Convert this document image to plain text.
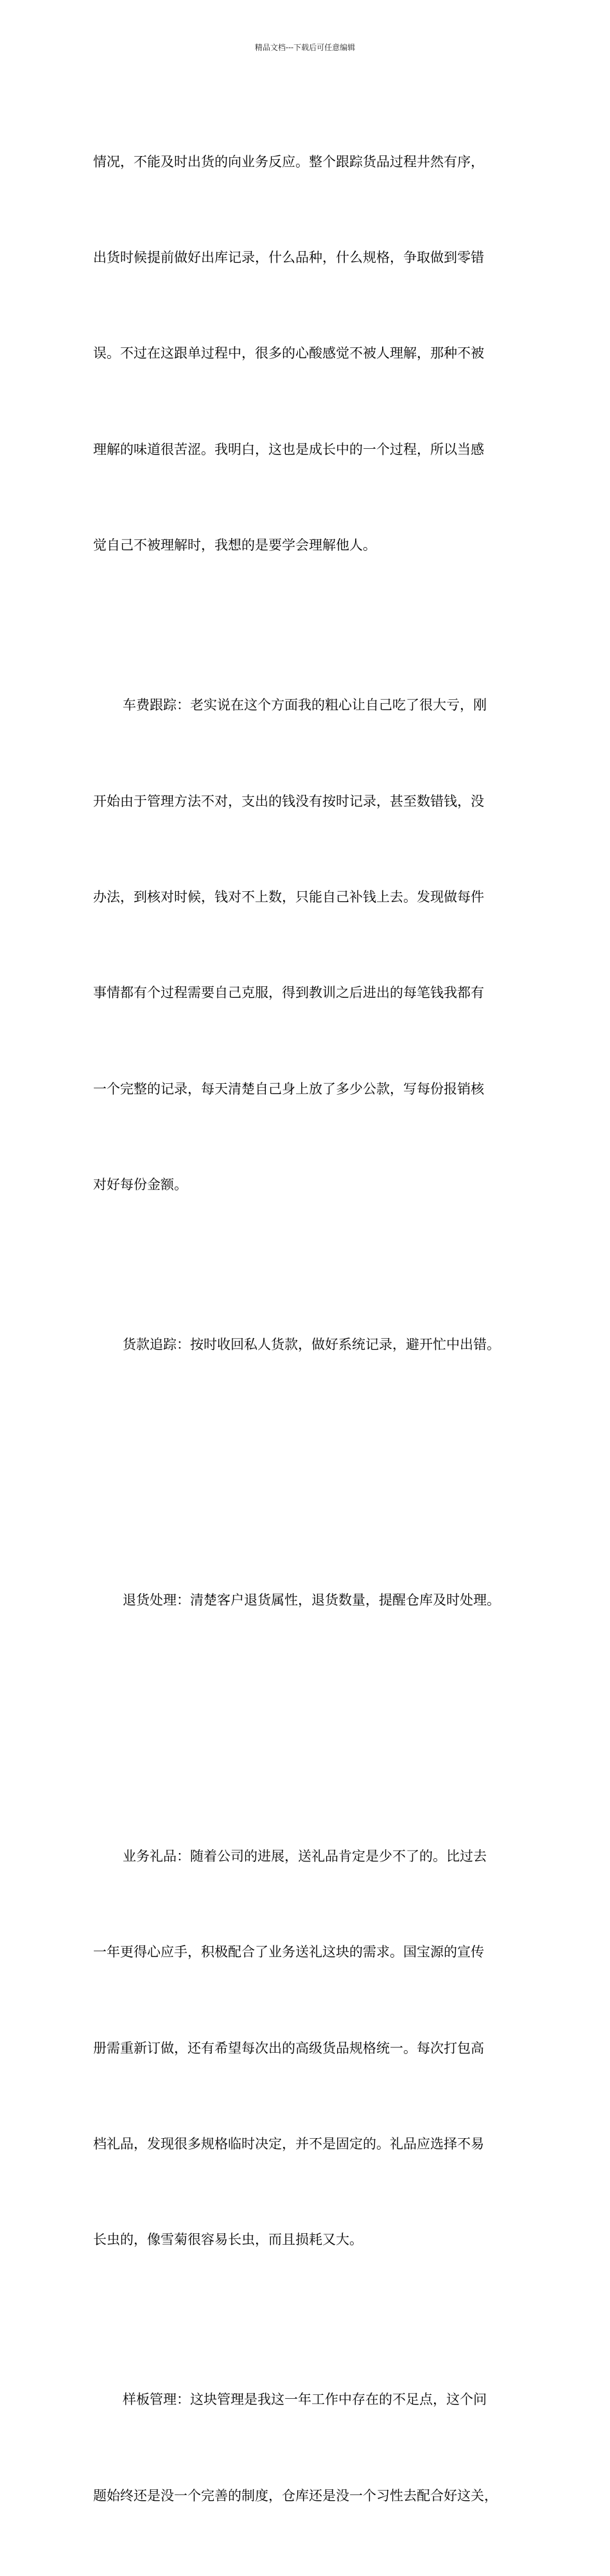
精品文档---下载后可任意编辑

情况，不能及时出货的向业务反应。整个跟踪货品过程井然有序，

出货时候提前做好出库记录，什么品种，什么规格，争取做到零错

误。不过在这跟单过程中，很多的心酸感觉不被人理解，那种不被

理解的味道很苦涩。我明白，这也是成长中的一个过程，所以当感

觉自己不被理解时，我想的是要学会理解他人。

车费跟踪：老实说在这个方面我的粗心让自己吃了很大亏，刚

开始由于管理方法不对，支出的钱没有按时记录，甚至数错钱，没

办法，到核对时候，钱对不上数，只能自己补钱上去。发现做每件

事情都有个过程需要自己克服，得到教训之后进出的每笔钱我都有

一个完整的记录，每天清楚自己身上放了多少公款，写每份报销核

对好每份金额。

货款追踪：按时收回私人货款，做好系统记录，避开忙中出错。

退货处理：清楚客户退货属性，退货数量，提醒仓库及时处理。

业务礼品：随着公司的进展，送礼品肯定是少不了的。比过去

一年更得心应手，积极配合了业务送礼这块的需求。国宝源的宣传

册需重新订做，还有希望每次出的高级货品规格统一。每次打包高

档礼品，发现很多规格临时决定，并不是固定的。礼品应选择不易

长虫的，像雪菊很容易长虫，而且损耗又大。

样板管理：这块管理是我这一年工作中存在的不足点，这个问

题始终还是没一个完善的制度，仓库还是没一个习性去配合好这关，
